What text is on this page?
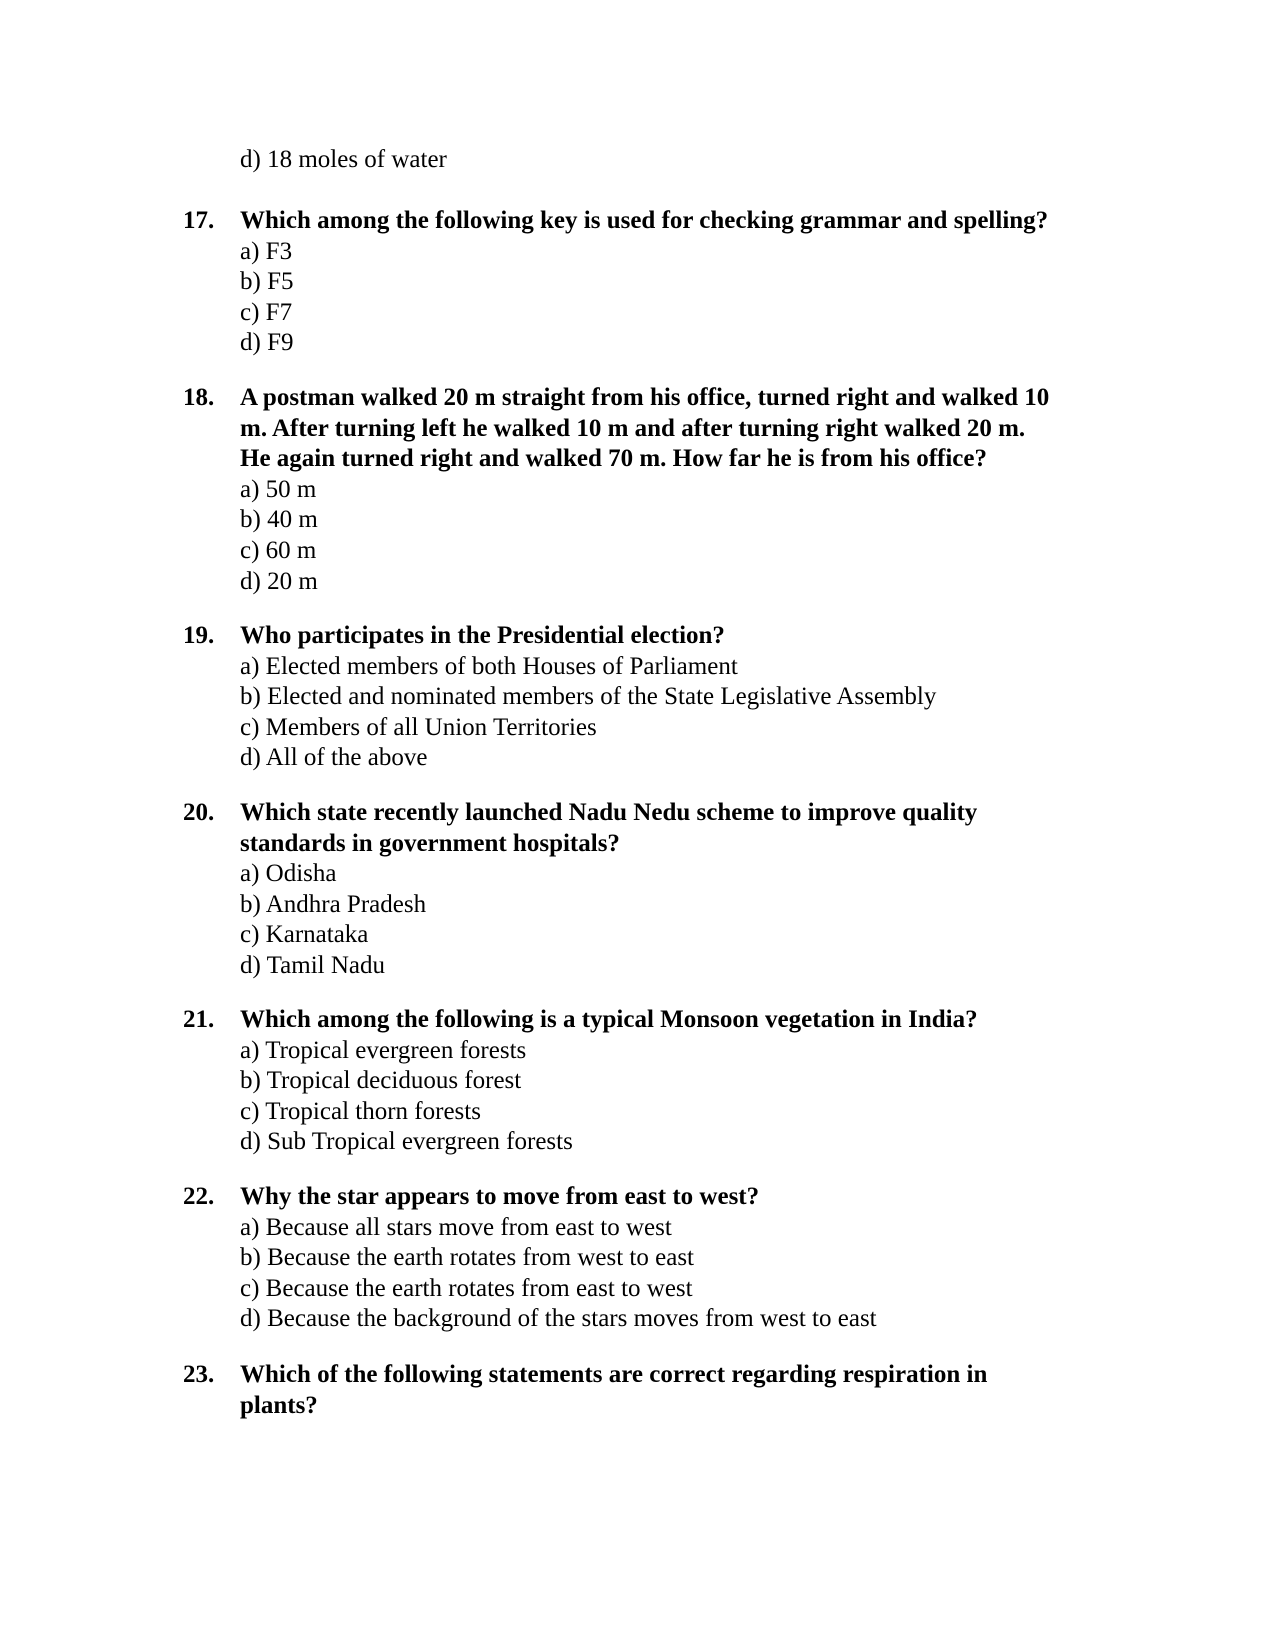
d) 18 moles of water

17. Which among the following key is used for checking grammar and spelling?
a) F3
b) F5
c) F7
d) F9
18. A postman walked 20 m straight from his office, turned right and walked 10
m. After turning left he walked 10 m and after turning right walked 20 m.
He again turned right and walked 70 m. How far he is from his office?
a) 50 m
b) 40 m
c) 60 m
d) 20 m
19. Who participates in the Presidential election?
a) Elected members of both Houses of Parliament
b) Elected and nominated members of the State Legislative Assembly
c) Members of all Union Territories
d) All of the above
20. Which state recently launched Nadu Nedu scheme to improve quality
standards in government hospitals?
a) Odisha
b) Andhra Pradesh
c) Karnataka
d) Tamil Nadu
21. Which among the following is a typical Monsoon vegetation in India?
a) Tropical evergreen forests
b) Tropical deciduous forest
c) Tropical thorn forests
d) Sub Tropical evergreen forests
22. Why the star appears to move from east to west?
a) Because all stars move from east to west
b) Because the earth rotates from west to east
c) Because the earth rotates from east to west
d) Because the background of the stars moves from west to east
23. Which of the following statements are correct regarding respiration in
plants?
